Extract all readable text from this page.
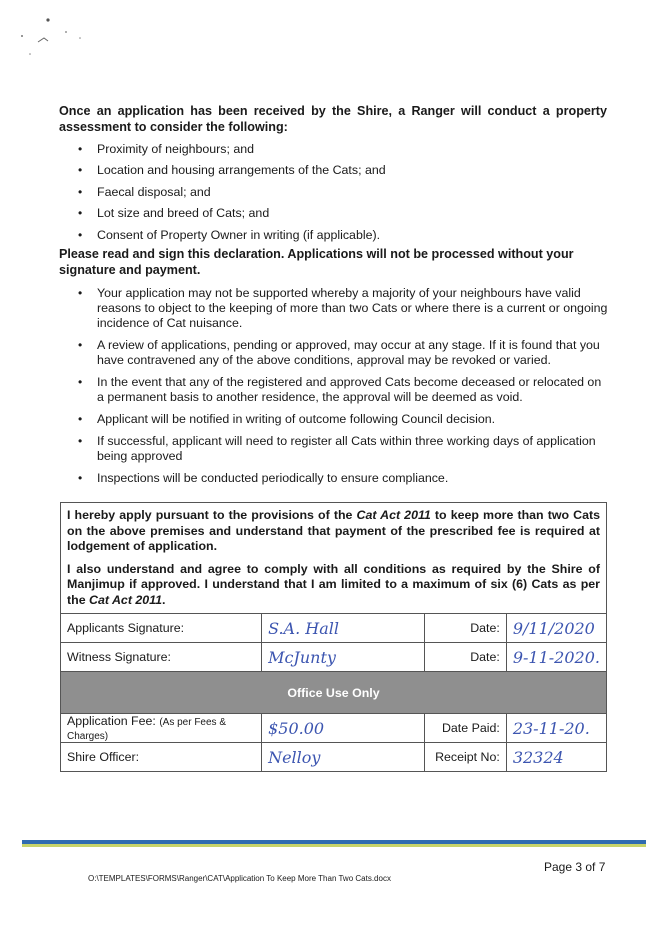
Once an application has been received by the Shire, a Ranger will conduct a property assessment to consider the following:
• Proximity of neighbours; and
• Location and housing arrangements of the Cats; and
• Faecal disposal; and
• Lot size and breed of Cats; and
• Consent of Property Owner in writing (if applicable).
Please read and sign this declaration. Applications will not be processed without your signature and payment.
• Your application may not be supported whereby a majority of your neighbours have valid reasons to object to the keeping of more than two Cats or where there is a current or ongoing incidence of Cat nuisance.
• A review of applications, pending or approved, may occur at any stage. If it is found that you have contravened any of the above conditions, approval may be revoked or varied.
• In the event that any of the registered and approved Cats become deceased or relocated on a permanent basis to another residence, the approval will be deemed as void.
• Applicant will be notified in writing of outcome following Council decision.
• If successful, applicant will need to register all Cats within three working days of application being approved
• Inspections will be conducted periodically to ensure compliance.

I hereby apply pursuant to the provisions of the Cat Act 2011 to keep more than two Cats on the above premises and understand that payment of the prescribed fee is required at lodgement of application.

I also understand and agree to comply with all conditions as required by the Shire of Manjimup if approved. I understand that I am limited to a maximum of six (6) Cats as per the Cat Act 2011.			

Applicants Signature:	S.A. Hall	Date:	9/11/2020
Witness Signature:	McJunty	Date:	9-11-2020.
Office Use Only			
Application Fee: (As per Fees & Charges)	$50.00	Date Paid:	23-11-20.
Shire Officer:	Nelloy	Receipt No:	32324
Page 3 of 7
O:\TEMPLATES\FORMS\Ranger\CAT\Application To Keep More Than Two Cats.docx
